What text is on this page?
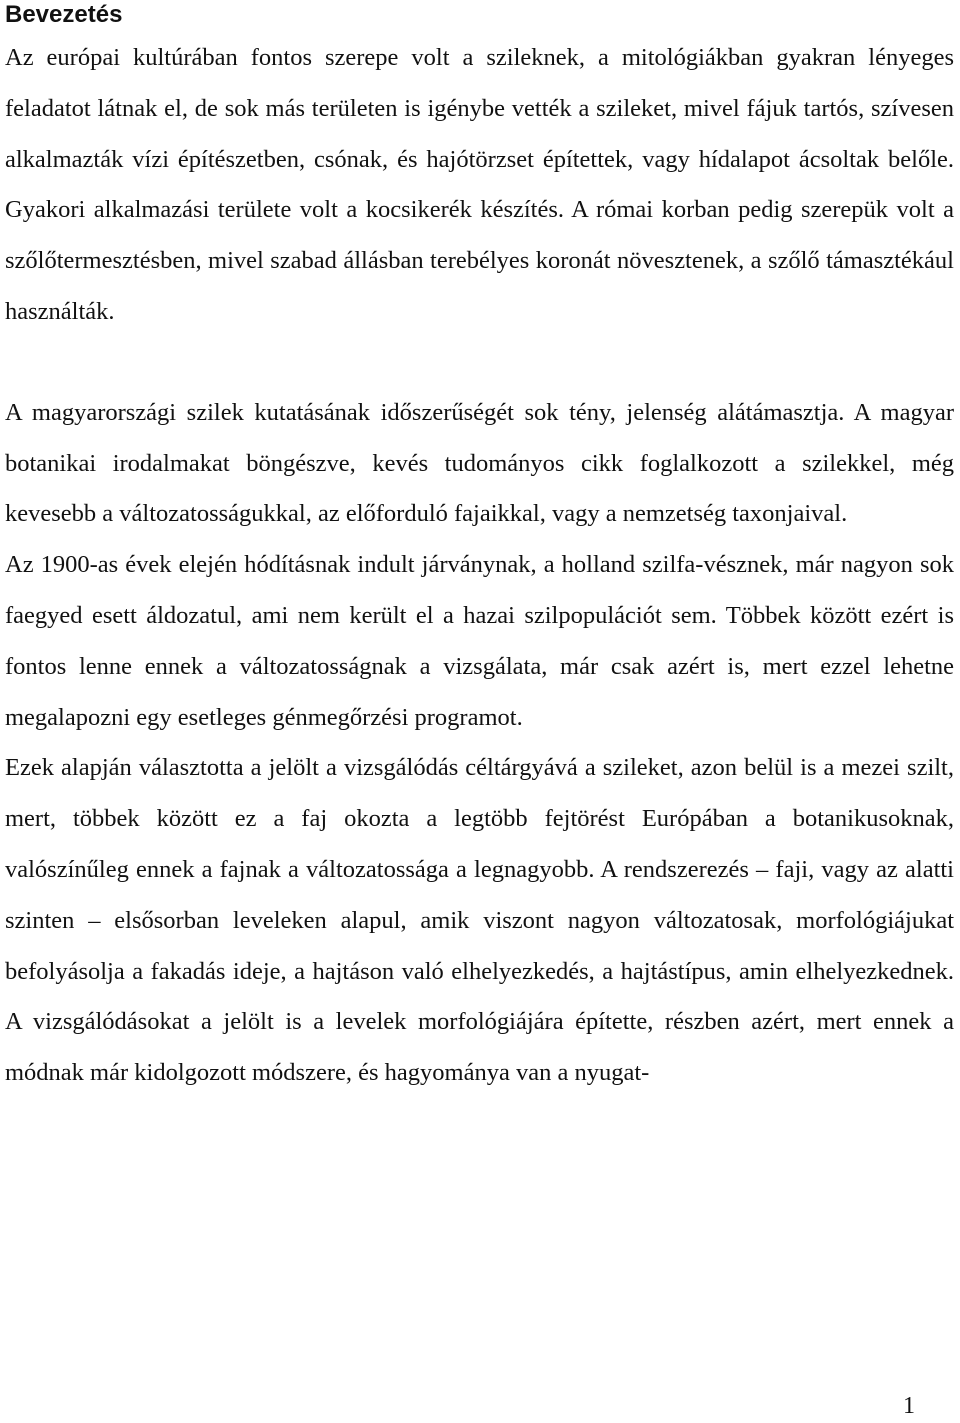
Bevezetés

Az európai kultúrában fontos szerepe volt a szileknek, a mitológiákban gyakran lényeges feladatot látnak el, de sok más területen is igénybe vették a szileket, mivel fájuk tartós, szívesen alkalmazták vízi építészetben, csónak, és hajótörzset építettek, vagy hídalapot ácsoltak belőle. Gyakori alkalmazási területe volt a kocsikerék készítés. A római korban pedig szerepük volt a szőlőtermesztésben, mivel szabad állásban terebélyes koronát növesztenek, a szőlő támasztékául használták.

A magyarországi szilek kutatásának időszerűségét sok tény, jelenség alátámasztja. A magyar botanikai irodalmakat böngészve, kevés tudományos cikk foglalkozott a szilekkel, még kevesebb a változatosságukkal, az előforduló fajaikkal, vagy a nemzetség taxonjaival.

Az 1900-as évek elején hódításnak indult járványnak, a holland szilfa-vésznek, már nagyon sok faegyed esett áldozatul, ami nem került el a hazai szilpopulációt sem. Többek között ezért is fontos lenne ennek a változatosságnak a vizsgálata, már csak azért is, mert ezzel lehetne megalapozni egy esetleges génmegőrzési programot.

Ezek alapján választotta a jelölt a vizsgálódás céltárgyává a szileket, azon belül is a mezei szilt, mert, többek között ez a faj okozta a legtöbb fejtörést Európában a botanikusoknak, valószínűleg ennek a fajnak a változatossága a legnagyobb. A rendszerezés – faji, vagy az alatti szinten – elsősorban leveleken alapul, amik viszont nagyon változatosak, morfológiájukat befolyásolja a fakadás ideje, a hajtáson való elhelyezkedés, a hajtástípus, amin elhelyezkednek. A vizsgálódásokat a jelölt is a levelek morfológiájára építette, részben azért, mert ennek a módnak már kidolgozott módszere, és hagyománya van a nyugat-

1
